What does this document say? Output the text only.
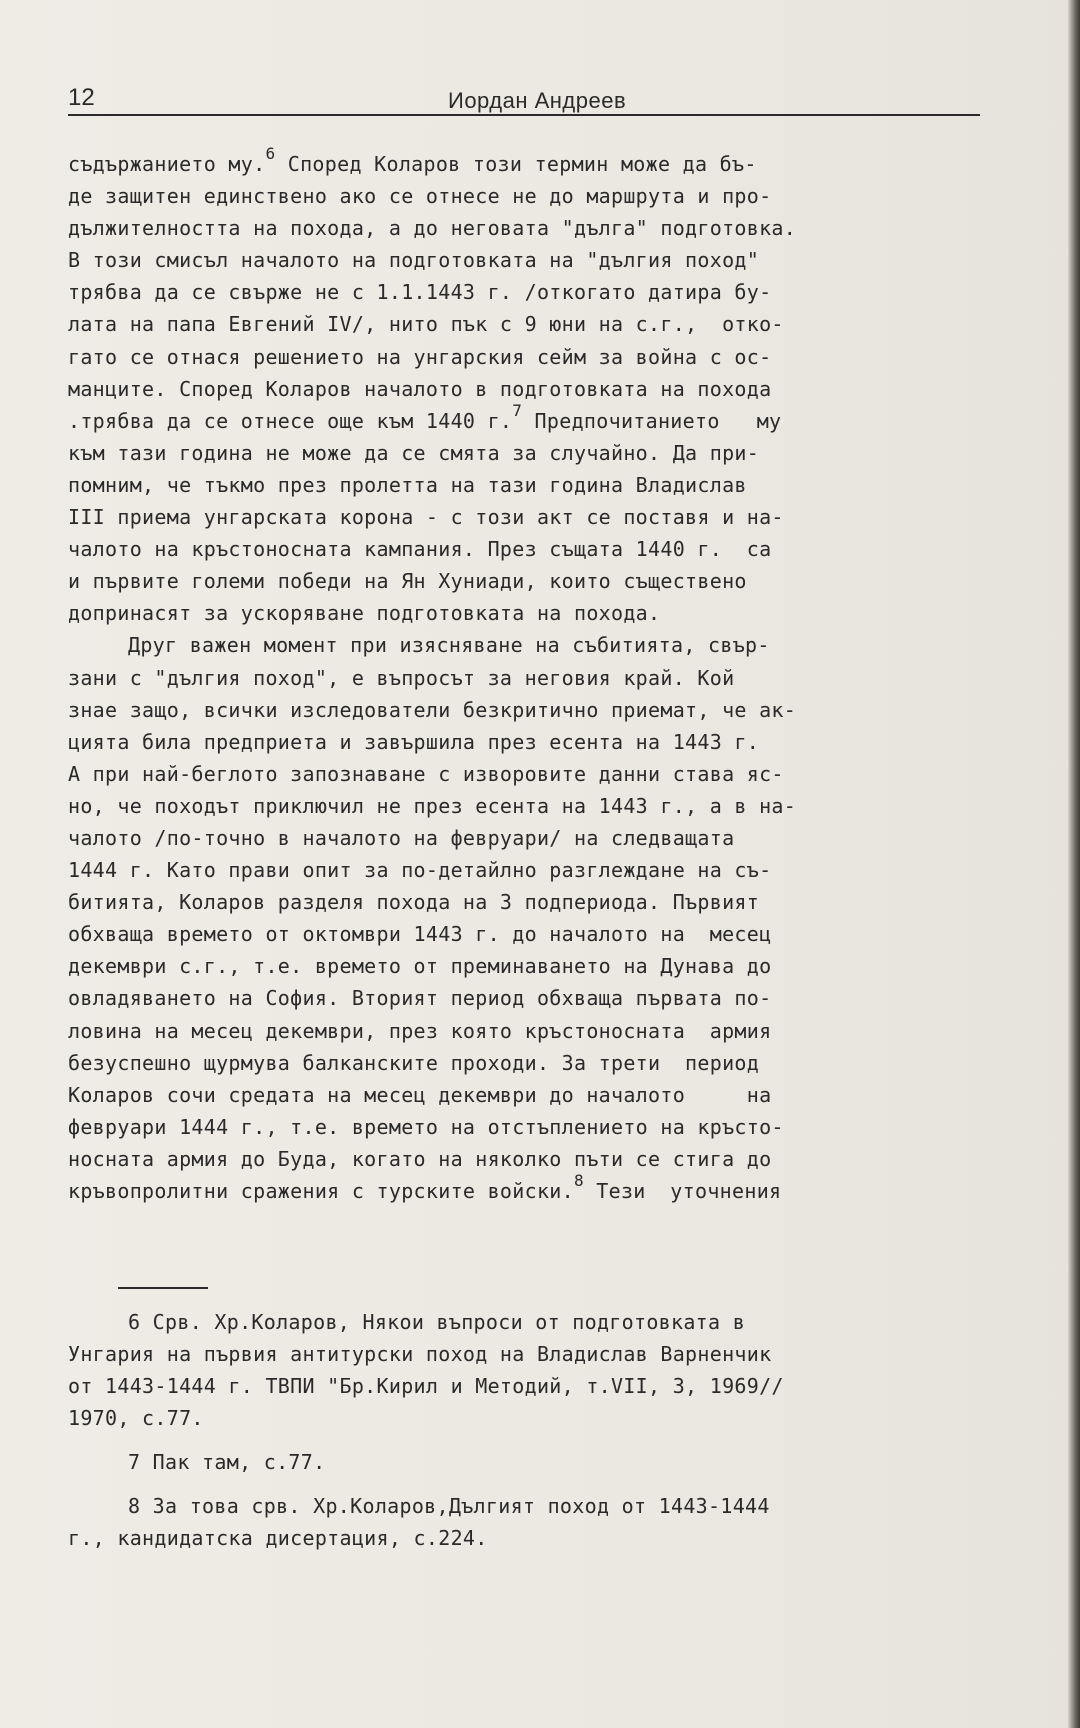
12	Иордан Андреев
съдържанието му.$^6$ Според Коларов този термин може да бъ-
де защитен единствено ако се отнесе не до маршрута и про-
дължителността на похода, а до неговата "дълга" подготовка.
В този смисъл началото на подготовката на "дългия поход"
трябва да се свърже не с 1.1.1443 г. /откогато датира бу-
лата на папа Евгений IV/, нито пък с 9 юни на с.г.,  отко-
гато се отнася решението на унгарския сейм за война с ос-
манците. Според Коларов началото в подготовката на похода
.трябва да се отнесе още към 1440 г.$^7$ Предпочитанието   му
към тази година не може да се смята за случайно. Да при-
помним, че тъкмо през пролетта на тази година Владислав
III приема унгарската корона - с този акт се поставя и на-
чалото на кръстоносната кампания. През същата 1440 г.  са
и първите големи победи на Ян Хуниади, които съществено
допринасят за ускоряване подготовката на похода.
Друг важен момент при изясняване на събитията, свър-
зани с "дългия поход", е въпросът за неговия край. Кой
знае защо, всички изследователи безкритично приемат, че ак-
цията била предприета и завършила през есента на 1443 г.
А при най-беглото запознаване с изворовите данни става яс-
но, че походът приключил не през есента на 1443 г., а в на-
чалото /по-точно в началото на февруари/ на следващата
1444 г. Като прави опит за по-детайлно разглеждане на съ-
битията, Коларов разделя похода на 3 подпериода. Първият
обхваща времето от октомври 1443 г. до началото на  месец
декември с.г., т.е. времето от преминаването на Дунава до
овладяването на София. Вторият период обхваща първата по-
ловина на месец декември, през която кръстоносната  армия
безуспешно щурмува балканските проходи. За трети  период
Коларов сочи средата на месец декември до началото     на
февруари 1444 г., т.е. времето на отстъплението на кръсто-
носната армия до Буда, когато на няколко пъти се стига до
кръвопролитни сражения с турските войски.$^8$ Тези  уточнения
6 Срв. Хр.Коларов, Някои въпроси от подготовката в
Унгария на първия антитурски поход на Владислав Варненчик
от 1443-1444 г. ТВПИ "Бр.Кирил и Методий, т.VII, 3, 1969//
1970, с.77.
7 Пак там, с.77.
8 За това срв. Хр.Коларов,Дългият поход от 1443-1444
г., кандидатска дисертация, с.224.
